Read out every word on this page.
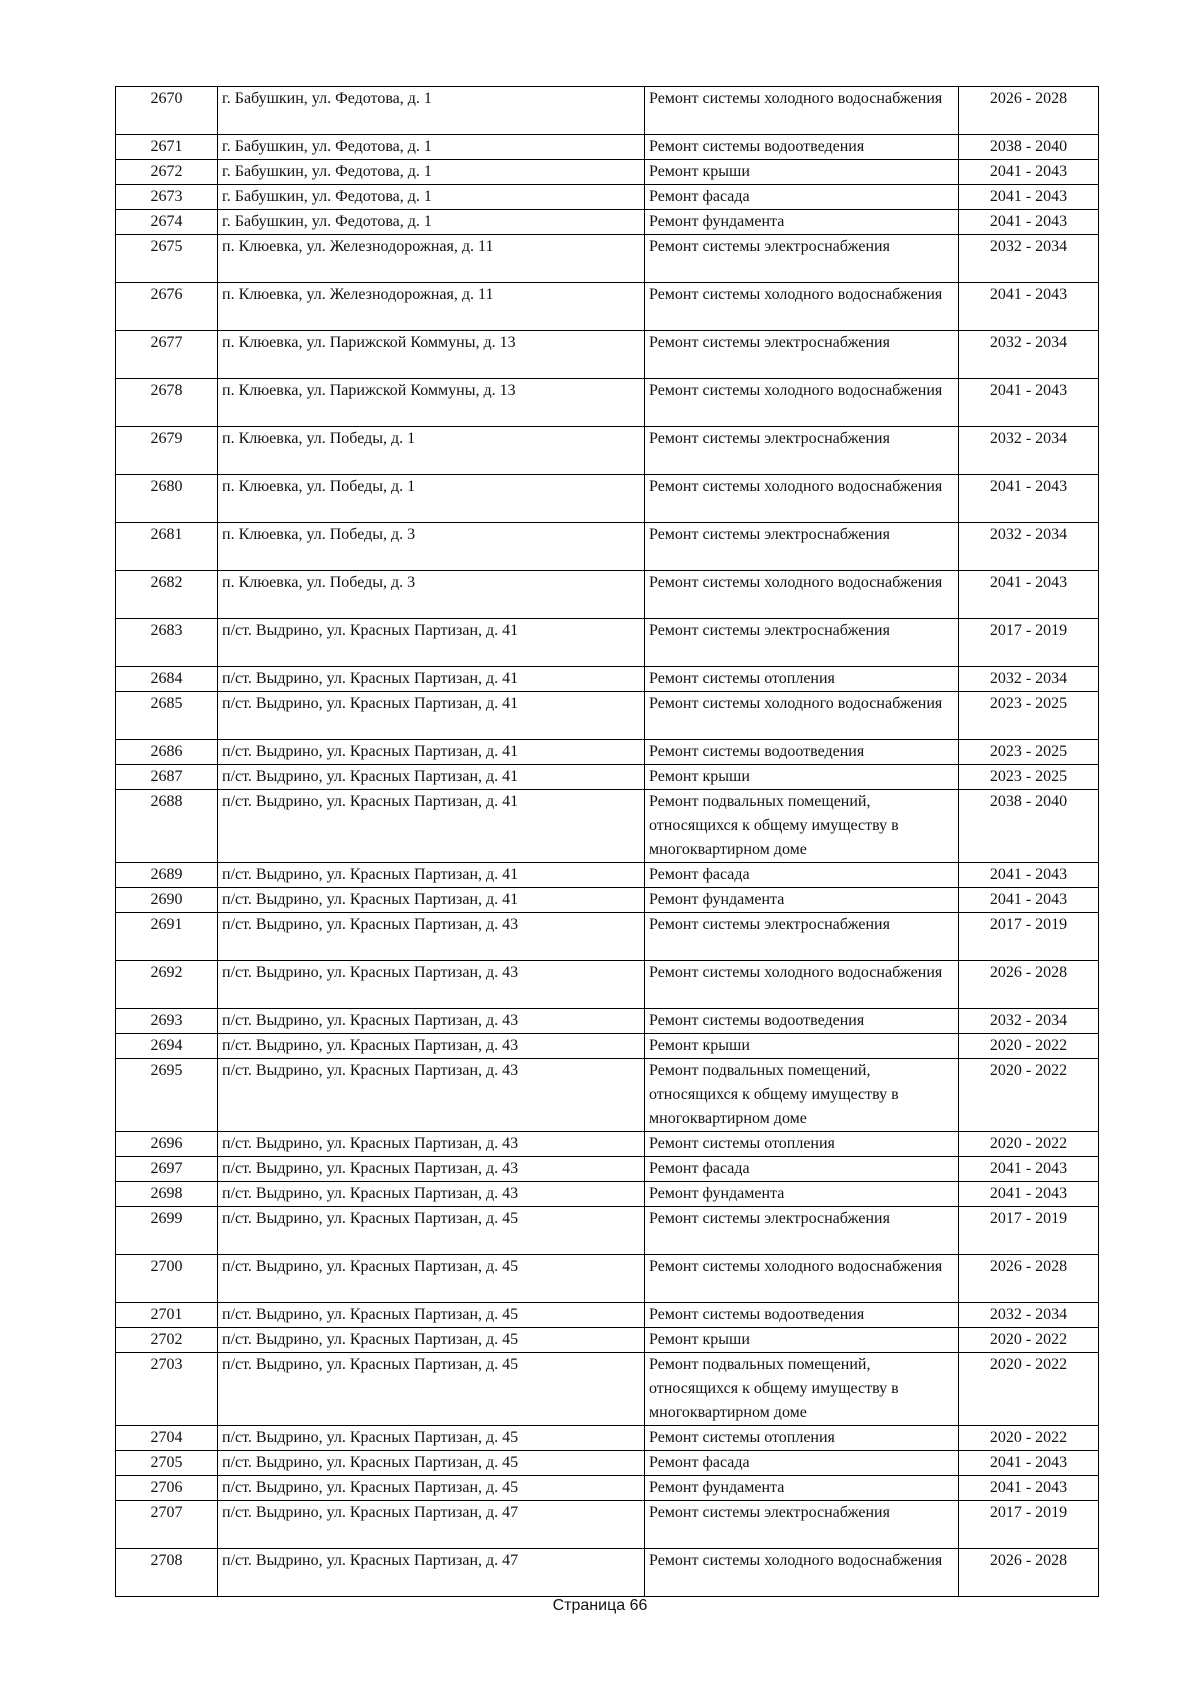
2670	г. Бабушкин, ул. Федотова, д. 1	Ремонт системы холодного водоснабжения	2026 - 2028
2671	г. Бабушкин, ул. Федотова, д. 1	Ремонт системы водоотведения	2038 - 2040
2672	г. Бабушкин, ул. Федотова, д. 1	Ремонт крыши	2041 - 2043
2673	г. Бабушкин, ул. Федотова, д. 1	Ремонт фасада	2041 - 2043
2674	г. Бабушкин, ул. Федотова, д. 1	Ремонт фундамента	2041 - 2043
2675	п. Клюевка, ул. Железнодорожная, д. 11	Ремонт системы электроснабжения	2032 - 2034
2676	п. Клюевка, ул. Железнодорожная, д. 11	Ремонт системы холодного водоснабжения	2041 - 2043
2677	п. Клюевка, ул. Парижской Коммуны, д. 13	Ремонт системы электроснабжения	2032 - 2034
2678	п. Клюевка, ул. Парижской Коммуны, д. 13	Ремонт системы холодного водоснабжения	2041 - 2043
2679	п. Клюевка, ул. Победы, д. 1	Ремонт системы электроснабжения	2032 - 2034
2680	п. Клюевка, ул. Победы, д. 1	Ремонт системы холодного водоснабжения	2041 - 2043
2681	п. Клюевка, ул. Победы, д. 3	Ремонт системы электроснабжения	2032 - 2034
2682	п. Клюевка, ул. Победы, д. 3	Ремонт системы холодного водоснабжения	2041 - 2043
2683	п/ст. Выдрино, ул. Красных Партизан, д. 41	Ремонт системы электроснабжения	2017 - 2019
2684	п/ст. Выдрино, ул. Красных Партизан, д. 41	Ремонт системы отопления	2032 - 2034
2685	п/ст. Выдрино, ул. Красных Партизан, д. 41	Ремонт системы холодного водоснабжения	2023 - 2025
2686	п/ст. Выдрино, ул. Красных Партизан, д. 41	Ремонт системы водоотведения	2023 - 2025
2687	п/ст. Выдрино, ул. Красных Партизан, д. 41	Ремонт крыши	2023 - 2025
2688	п/ст. Выдрино, ул. Красных Партизан, д. 41	Ремонт подвальных помещений, относящихся к общему имуществу в многоквартирном доме	2038 - 2040
2689	п/ст. Выдрино, ул. Красных Партизан, д. 41	Ремонт фасада	2041 - 2043
2690	п/ст. Выдрино, ул. Красных Партизан, д. 41	Ремонт фундамента	2041 - 2043
2691	п/ст. Выдрино, ул. Красных Партизан, д. 43	Ремонт системы электроснабжения	2017 - 2019
2692	п/ст. Выдрино, ул. Красных Партизан, д. 43	Ремонт системы холодного водоснабжения	2026 - 2028
2693	п/ст. Выдрино, ул. Красных Партизан, д. 43	Ремонт системы водоотведения	2032 - 2034
2694	п/ст. Выдрино, ул. Красных Партизан, д. 43	Ремонт крыши	2020 - 2022
2695	п/ст. Выдрино, ул. Красных Партизан, д. 43	Ремонт подвальных помещений, относящихся к общему имуществу в многоквартирном доме	2020 - 2022
2696	п/ст. Выдрино, ул. Красных Партизан, д. 43	Ремонт системы отопления	2020 - 2022
2697	п/ст. Выдрино, ул. Красных Партизан, д. 43	Ремонт фасада	2041 - 2043
2698	п/ст. Выдрино, ул. Красных Партизан, д. 43	Ремонт фундамента	2041 - 2043
2699	п/ст. Выдрино, ул. Красных Партизан, д. 45	Ремонт системы электроснабжения	2017 - 2019
2700	п/ст. Выдрино, ул. Красных Партизан, д. 45	Ремонт системы холодного водоснабжения	2026 - 2028
2701	п/ст. Выдрино, ул. Красных Партизан, д. 45	Ремонт системы водоотведения	2032 - 2034
2702	п/ст. Выдрино, ул. Красных Партизан, д. 45	Ремонт крыши	2020 - 2022
2703	п/ст. Выдрино, ул. Красных Партизан, д. 45	Ремонт подвальных помещений, относящихся к общему имуществу в многоквартирном доме	2020 - 2022
2704	п/ст. Выдрино, ул. Красных Партизан, д. 45	Ремонт системы отопления	2020 - 2022
2705	п/ст. Выдрино, ул. Красных Партизан, д. 45	Ремонт фасада	2041 - 2043
2706	п/ст. Выдрино, ул. Красных Партизан, д. 45	Ремонт фундамента	2041 - 2043
2707	п/ст. Выдрино, ул. Красных Партизан, д. 47	Ремонт системы электроснабжения	2017 - 2019
2708	п/ст. Выдрино, ул. Красных Партизан, д. 47	Ремонт системы холодного водоснабжения	2026 - 2028
Страница 66
